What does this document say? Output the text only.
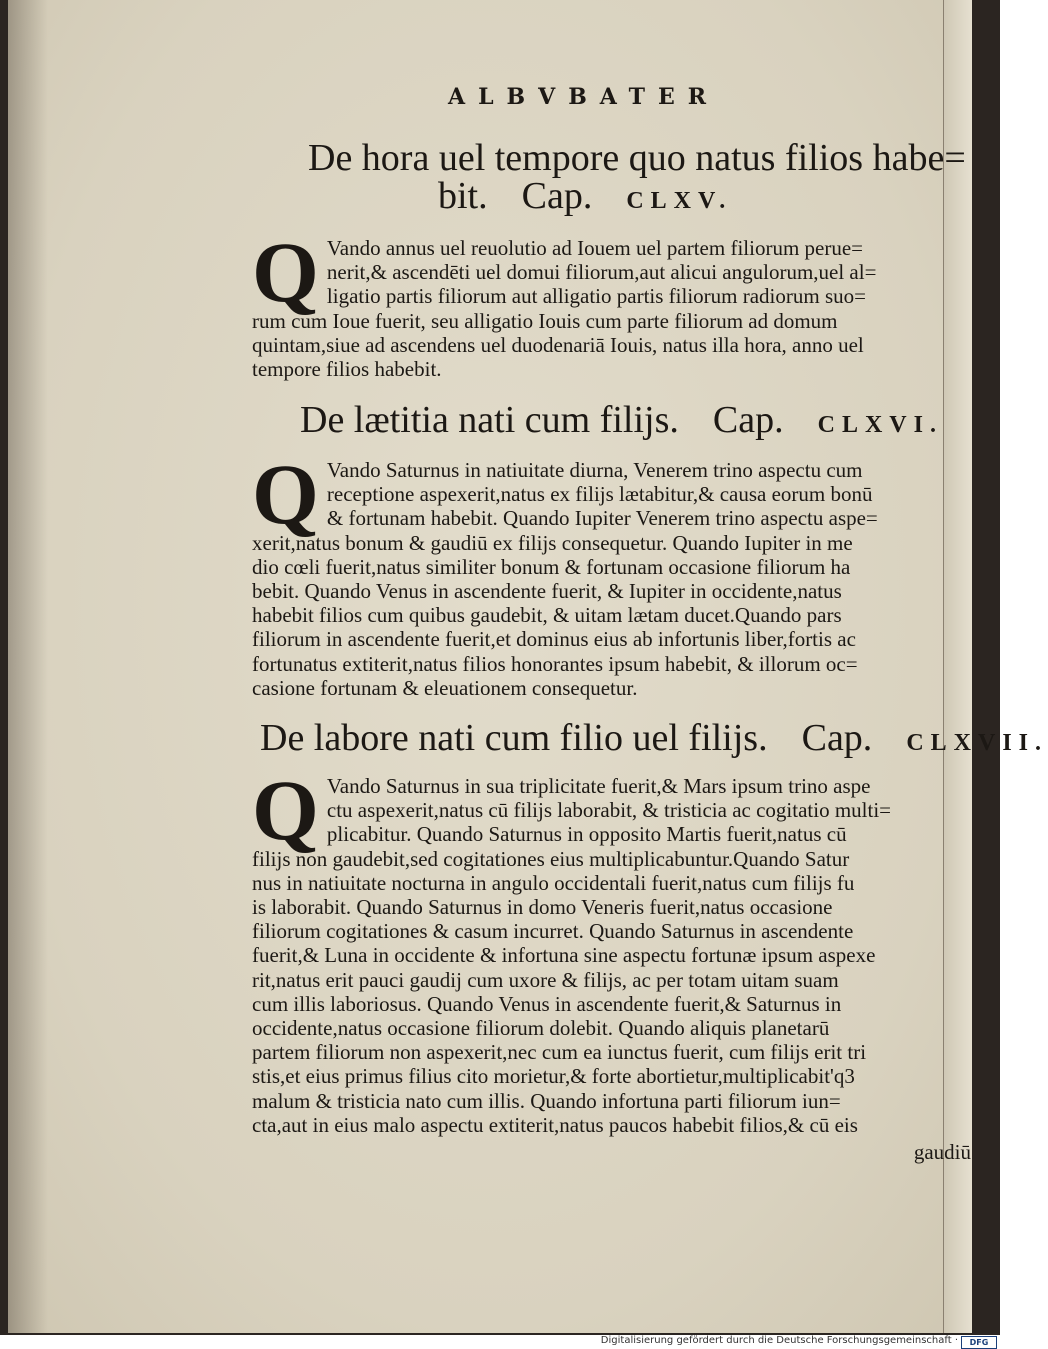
ALBVBATER
De hora uel tempore quo natus filios habe=
bit. Cap. CLXV.
Q Vando annus uel reuolutio ad Iouem uel partem filiorum perue=
nerit,& ascendēti uel domui filiorum,aut alicui angulorum,uel al=
ligatio partis filiorum aut alligatio partis filiorum radiorum suo=
rum cum Ioue fuerit, seu alligatio Iouis cum parte filiorum ad domum
quintam,siue ad ascendens uel duodenariā Iouis, natus illa hora, anno uel
tempore filios habebit.
De lætitia nati cum filijs. Cap. CLXVI.
Q Vando Saturnus in natiuitate diurna, Venerem trino aspectu cum
receptione aspexerit,natus ex filijs lætabitur,& causa eorum bonū
& fortunam habebit. Quando Iupiter Venerem trino aspectu aspe=
xerit,natus bonum & gaudiū ex filijs consequetur. Quando Iupiter in me
dio cœli fuerit,natus similiter bonum & fortunam occasione filiorum ha
bebit. Quando Venus in ascendente fuerit, & Iupiter in occidente,natus
habebit filios cum quibus gaudebit, & uitam lætam ducet.Quando pars
filiorum in ascendente fuerit,et dominus eius ab infortunis liber,fortis ac
fortunatus extiterit,natus filios honorantes ipsum habebit, & illorum oc=
casione fortunam & eleuationem consequetur.
De labore nati cum filio uel filijs. Cap. CLXVII.
Q Vando Saturnus in sua triplicitate fuerit,& Mars ipsum trino aspe
ctu aspexerit,natus cū filijs laborabit, & tristicia ac cogitatio multi=
plicabitur. Quando Saturnus in opposito Martis fuerit,natus cū
filijs non gaudebit,sed cogitationes eius multiplicabuntur.Quando Satur
nus in natiuitate nocturna in angulo occidentali fuerit,natus cum filijs fu
is laborabit. Quando Saturnus in domo Veneris fuerit,natus occasione
filiorum cogitationes & casum incurret. Quando Saturnus in ascendente
fuerit,& Luna in occidente & infortuna sine aspectu fortunæ ipsum aspexe
rit,natus erit pauci gaudij cum uxore & filijs, ac per totam uitam suam
cum illis laboriosus. Quando Venus in ascendente fuerit,& Saturnus in
occidente,natus occasione filiorum dolebit. Quando aliquis planetarū
partem filiorum non aspexerit,nec cum ea iunctus fuerit, cum filijs erit tri
stis,et eius primus filius cito morietur,& forte abortietur,multiplicabit'q3
malum & tristicia nato cum illis. Quando infortuna parti filiorum iun=
cta,aut in eius malo aspectu extiterit,natus paucos habebit filios,& cū eis
gaudiū
Digitalisierung gefördert durch die Deutsche Forschungsgemeinschaft ·	DFG
